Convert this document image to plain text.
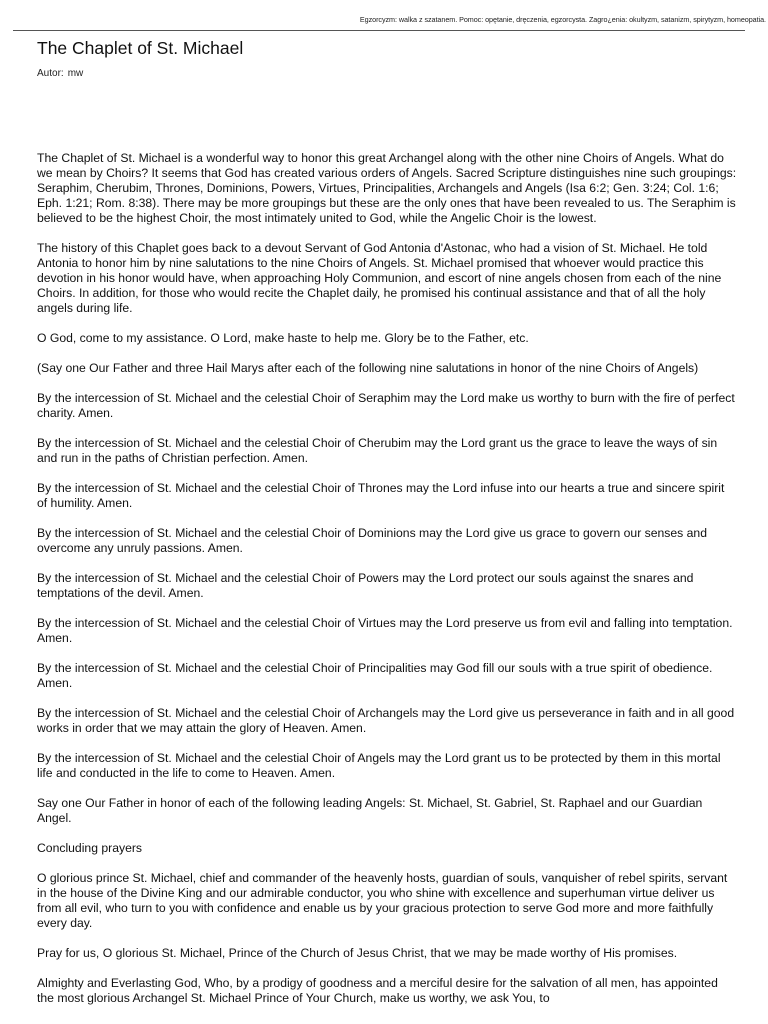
Egzorcyzm: walka z szatanem. Pomoc: opętanie, dręczenia, egzorcysta. Zagro¿enia: okultyzm, satanizm, spirytyzm, homeopatia.
The Chaplet of St. Michael
Autor: mw

The Chaplet of St. Michael is a wonderful way to honor this great Archangel along with the other nine Choirs of Angels. What do we mean by Choirs? It seems that God has created various orders of Angels. Sacred Scripture distinguishes nine such groupings: Seraphim, Cherubim, Thrones, Dominions, Powers, Virtues, Principalities, Archangels and Angels (Isa 6:2; Gen. 3:24; Col. 1:6; Eph. 1:21; Rom. 8:38). There may be more groupings but these are the only ones that have been revealed to us. The Seraphim is believed to be the highest Choir, the most intimately united to God, while the Angelic Choir is the lowest.

The history of this Chaplet goes back to a devout Servant of God Antonia d'Astonac, who had a vision of St. Michael. He told Antonia to honor him by nine salutations to the nine Choirs of Angels. St. Michael promised that whoever would practice this devotion in his honor would have, when approaching Holy Communion, and escort of nine angels chosen from each of the nine Choirs. In addition, for those who would recite the Chaplet daily, he promised his continual assistance and that of all the holy angels during life.

O God, come to my assistance. O Lord, make haste to help me. Glory be to the Father, etc.

(Say one Our Father and three Hail Marys after each of the following nine salutations in honor of the nine Choirs of Angels)

By the intercession of St. Michael and the celestial Choir of Seraphim may the Lord make us worthy to burn with the fire of perfect charity. Amen.

By the intercession of St. Michael and the celestial Choir of Cherubim may the Lord grant us the grace to leave the ways of sin and run in the paths of Christian perfection. Amen.

By the intercession of St. Michael and the celestial Choir of Thrones may the Lord infuse into our hearts a true and sincere spirit of humility. Amen.

By the intercession of St. Michael and the celestial Choir of Dominions may the Lord give us grace to govern our senses and overcome any unruly passions. Amen.

By the intercession of St. Michael and the celestial Choir of Powers may the Lord protect our souls against the snares and temptations of the devil. Amen.

By the intercession of St. Michael and the celestial Choir of Virtues may the Lord preserve us from evil and falling into temptation. Amen.

By the intercession of St. Michael and the celestial Choir of Principalities may God fill our souls with a true spirit of obedience. Amen.

By the intercession of St. Michael and the celestial Choir of Archangels may the Lord give us perseverance in faith and in all good works in order that we may attain the glory of Heaven. Amen.

By the intercession of St. Michael and the celestial Choir of Angels may the Lord grant us to be protected by them in this mortal life and conducted in the life to come to Heaven. Amen.

Say one Our Father in honor of each of the following leading Angels: St. Michael, St. Gabriel, St. Raphael and our Guardian Angel.

Concluding prayers

O glorious prince St. Michael, chief and commander of the heavenly hosts, guardian of souls, vanquisher of rebel spirits, servant in the house of the Divine King and our admirable conductor, you who shine with excellence and superhuman virtue deliver us from all evil, who turn to you with confidence and enable us by your gracious protection to serve God more and more faithfully every day.

Pray for us, O glorious St. Michael, Prince of the Church of Jesus Christ, that we may be made worthy of His promises.

Almighty and Everlasting God, Who, by a prodigy of goodness and a merciful desire for the salvation of all men, has appointed the most glorious Archangel St. Michael Prince of Your Church, make us worthy, we ask You, to
